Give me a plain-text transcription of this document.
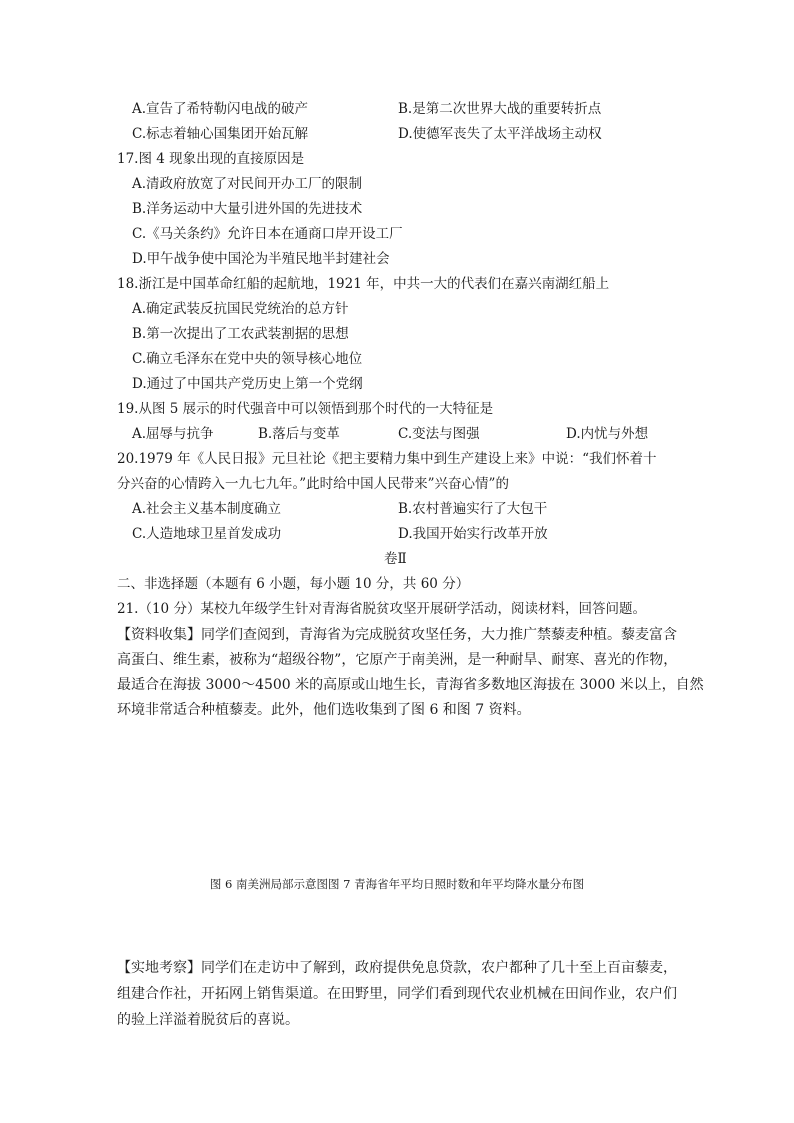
A.宣告了希特勒闪电战的破产	B.是第二次世界大战的重要转折点
C.标志着轴心国集团开始瓦解	D.使德军丧失了太平洋战场主动权
17.图 4 现象出现的直接原因是
A.清政府放宽了对民间开办工厂的限制
B.洋务运动中大量引进外国的先进技术
C.《马关条约》允许日本在通商口岸开设工厂
D.甲午战争使中国沦为半殖民地半封建社会
18.浙江是中国革命红船的起航地，1921 年，中共一大的代表们在嘉兴南湖红船上
A.确定武装反抗国民党统治的总方针
B.第一次提出了工农武装割据的思想
C.确立毛泽东在党中央的领导核心地位
D.通过了中国共产党历史上第一个党纲
19.从图 5 展示的时代强音中可以领悟到那个时代的一大特征是
A.屈辱与抗争	B.落后与变革	C.变法与图强	D.内忧与外想
20.1979 年《人民日报》元旦社论《把主要精力集中到生产建设上来》中说：“我们怀着十
分兴奋的心情跨入一九七九年。”此时给中国人民带来”兴奋心情”的
A.社会主义基本制度确立	B.农村普遍实行了大包干
C.人造地球卫星首发成功	D.我国开始实行改革开放
卷Ⅱ
二、非选择题（本题有 6 小题，每小题 10 分，共 60 分）
21.（10 分）某校九年级学生针对青海省脱贫攻坚开展研学活动，阅读材料，回答问题。
【资料收集】同学们查阅到，青海省为完成脱贫攻坚任务，大力推广禁藜麦种植。藜麦富含
高蛋白、维生素，被称为“超级谷物”，它原产于南美洲，是一种耐旱、耐寒、喜光的作物，
最适合在海拔 3000～4500 米的高原或山地生长，青海省多数地区海拔在 3000 米以上，自然
环境非常适合种植藜麦。此外，他们选收集到了图 6 和图 7 资料。
图 6 南美洲局部示意图图 7 青海省年平均日照时数和年平均降水量分布图
【实地考察】同学们在走访中了解到，政府提供免息贷款，农户都种了几十至上百亩藜麦，
组建合作社，开拓网上销售渠道。在田野里，同学们看到现代农业机械在田间作业，农户们
的验上洋溢着脱贫后的喜说。
